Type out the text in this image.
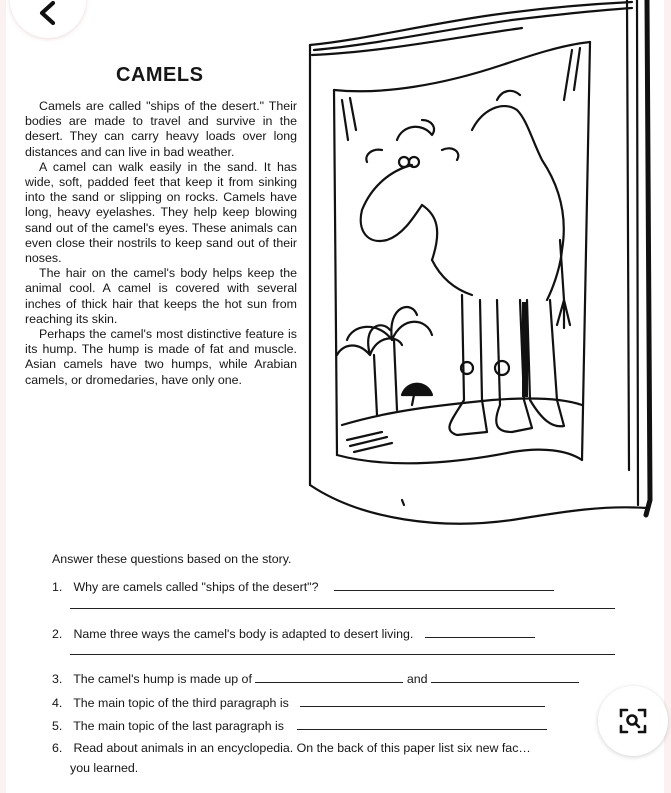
CAMELS

Camels are called "ships of the desert." Their bodies are made to travel and survive in the desert. They can carry heavy loads over long distances and can live in bad weather.

A camel can walk easily in the sand. It has wide, soft, padded feet that keep it from sinking into the sand or slipping on rocks. Camels have long, heavy eyelashes. They help keep blowing sand out of the camel's eyes. These animals can even close their nostrils to keep sand out of their noses.

The hair on the camel's body helps keep the animal cool. A camel is covered with several inches of thick hair that keeps the hot sun from reaching its skin.

Perhaps the camel's most distinctive feature is its hump. The hump is made of fat and muscle. Asian camels have two humps, while Arabian camels, or dromedaries, have only one.

Answer these questions based on the story.
1. Why are camels called "ships of the desert"?
2. Name three ways the camel's body is adapted to desert living.
3. The camel's hump is made up of	and
4. The main topic of the third paragraph is
5. The main topic of the last paragraph is
6. Read about animals in an encyclopedia. On the back of this paper list six new fac…
you learned.
